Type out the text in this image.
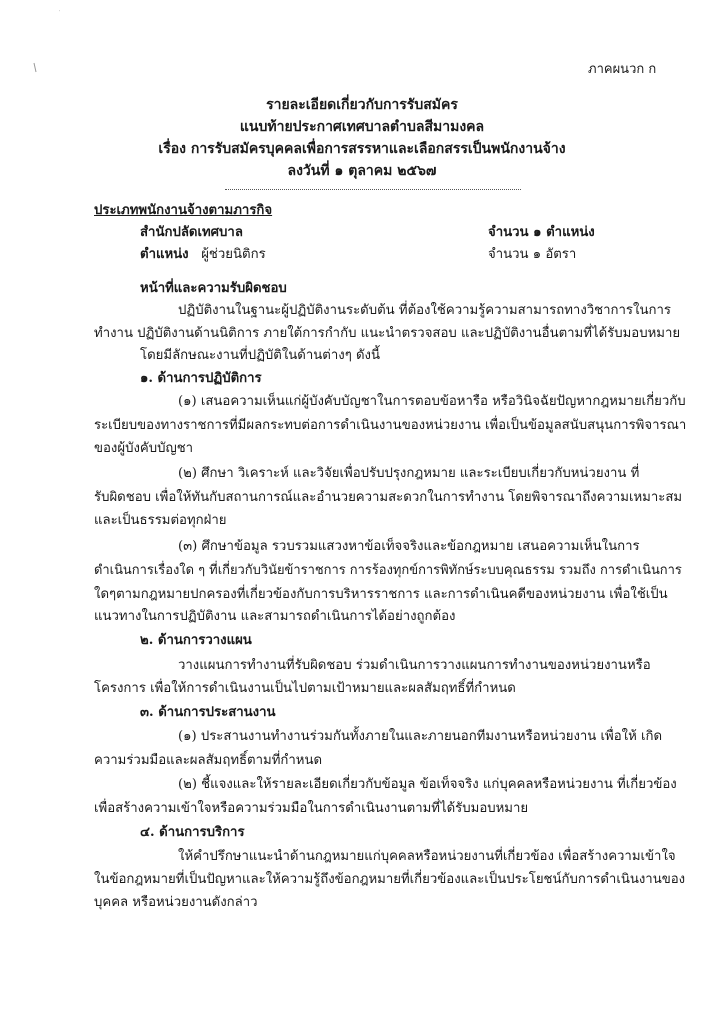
ภาคผนวก ก
รายละเอียดเกี่ยวกับการรับสมัคร
แนบท้ายประกาศเทศบาลตำบลสีมามงคล
เรื่อง การรับสมัครบุคคลเพื่อการสรรหาและเลือกสรรเป็นพนักงานจ้าง
ลงวันที่ ๑ ตุลาคม ๒๕๖๗
ประเภทพนักงานจ้างตามภารกิจ
สำนักปลัดเทศบาล	จำนวน ๑ ตำแหน่ง
ตำแหน่ง ผู้ช่วยนิติกร	จำนวน ๑ อัตรา
หน้าที่และความรับผิดชอบ
ปฏิบัติงานในฐานะผู้ปฏิบัติงานระดับต้น ที่ต้องใช้ความรู้ความสามารถทางวิชาการในการ
ทำงาน ปฏิบัติงานด้านนิติการ ภายใต้การกำกับ แนะนำตรวจสอบ และปฏิบัติงานอื่นตามที่ได้รับมอบหมาย
โดยมีลักษณะงานที่ปฏิบัติในด้านต่างๆ ดังนี้
๑. ด้านการปฏิบัติการ
(๑) เสนอความเห็นแก่ผู้บังคับบัญชาในการตอบข้อหารือ หรือวินิจฉัยปัญหากฎหมายเกี่ยวกับ
ระเบียบของทางราชการที่มีผลกระทบต่อการดำเนินงานของหน่วยงาน เพื่อเป็นข้อมูลสนับสนุนการพิจารณา
ของผู้บังคับบัญชา
(๒) ศึกษา วิเคราะห์ และวิจัยเพื่อปรับปรุงกฎหมาย และระเบียบเกี่ยวกับหน่วยงาน ที่
รับผิดชอบ เพื่อให้ทันกับสถานการณ์และอำนวยความสะดวกในการทำงาน โดยพิจารณาถึงความเหมาะสม
และเป็นธรรมต่อทุกฝ่าย
(๓) ศึกษาข้อมูล รวบรวมแสวงหาข้อเท็จจริงและข้อกฎหมาย เสนอความเห็นในการ
ดำเนินการเรื่องใด ๆ ที่เกี่ยวกับวินัยข้าราชการ การร้องทุกข์การพิทักษ์ระบบคุณธรรม รวมถึง การดำเนินการ
ใดๆตามกฎหมายปกครองที่เกี่ยวข้องกับการบริหารราชการ และการดำเนินคดีของหน่วยงาน เพื่อใช้เป็น
แนวทางในการปฏิบัติงาน และสามารถดำเนินการได้อย่างถูกต้อง
๒. ด้านการวางแผน
วางแผนการทำงานที่รับผิดชอบ ร่วมดำเนินการวางแผนการทำงานของหน่วยงานหรือ
โครงการ เพื่อให้การดำเนินงานเป็นไปตามเป้าหมายและผลสัมฤทธิ์ที่กำหนด
๓. ด้านการประสานงาน
(๑) ประสานงานทำงานร่วมกันทั้งภายในและภายนอกทีมงานหรือหน่วยงาน เพื่อให้ เกิด
ความร่วมมือและผลสัมฤทธิ์ตามที่กำหนด
(๒) ชี้แจงและให้รายละเอียดเกี่ยวกับข้อมูล ข้อเท็จจริง แก่บุคคลหรือหน่วยงาน ที่เกี่ยวข้อง
เพื่อสร้างความเข้าใจหรือความร่วมมือในการดำเนินงานตามที่ได้รับมอบหมาย
๔. ด้านการบริการ
ให้คำปรึกษาแนะนำด้านกฎหมายแก่บุคคลหรือหน่วยงานที่เกี่ยวข้อง เพื่อสร้างความเข้าใจ
ในข้อกฎหมายที่เป็นปัญหาและให้ความรู้ถึงข้อกฎหมายที่เกี่ยวข้องและเป็นประโยชน์กับการดำเนินงานของ
บุคคล หรือหน่วยงานดังกล่าว
